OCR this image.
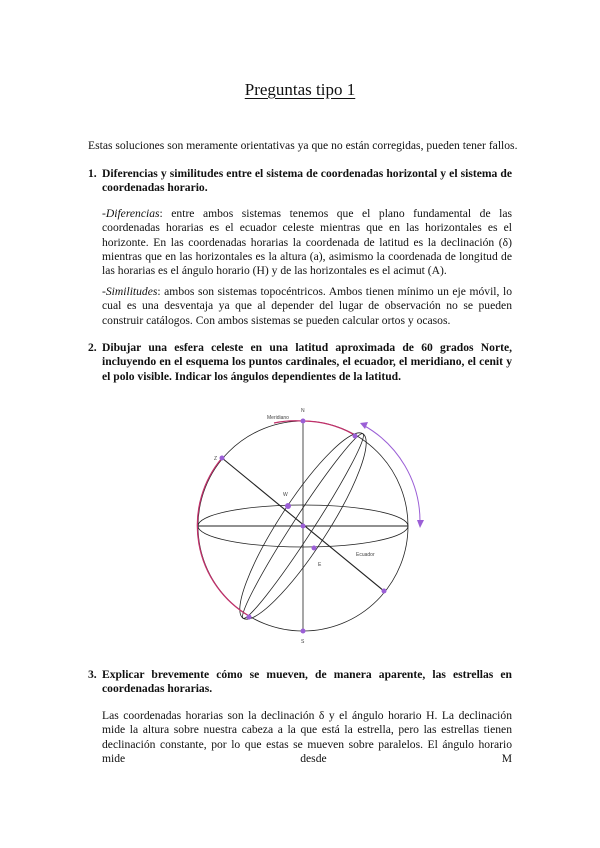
Preguntas tipo 1
Estas soluciones son meramente orientativas ya que no están corregidas, pueden tener fallos.
1. Diferencias y similitudes entre el sistema de coordenadas horizontal y el sistema de coordenadas horario.
-Diferencias: entre ambos sistemas tenemos que el plano fundamental de las coordenadas horarias es el ecuador celeste mientras que en las horizontales es el horizonte. En las coordenadas horarias la coordenada de latitud es la declinación (δ) mientras que en las horizontales es la altura (a), asimismo la coordenada de longitud de las horarias es el ángulo horario (H) y de las horizontales es el acimut (A).
-Similitudes: ambos son sistemas topocéntricos. Ambos tienen mínimo un eje móvil, lo cual es una desventaja ya que al depender del lugar de observación no se pueden construir catálogos. Con ambos sistemas se pueden calcular ortos y ocasos.
2. Dibujar una esfera celeste en una latitud aproximada de 60 grados Norte, incluyendo en el esquema los puntos cardinales, el ecuador, el meridiano, el cenit y el polo visible. Indicar los ángulos dependientes de la latitud.
Meridiano
Ecuador
Z
N
S
E
W
3. Explicar brevemente cómo se mueven, de manera aparente, las estrellas en coordenadas horarias.
Las coordenadas horarias son la declinación δ y el ángulo horario H. La declinación mide la altura sobre nuestra cabeza a la que está la estrella, pero las estrellas tienen declinación constante, por lo que estas se mueven sobre paralelos. El ángulo horario mide desde M
